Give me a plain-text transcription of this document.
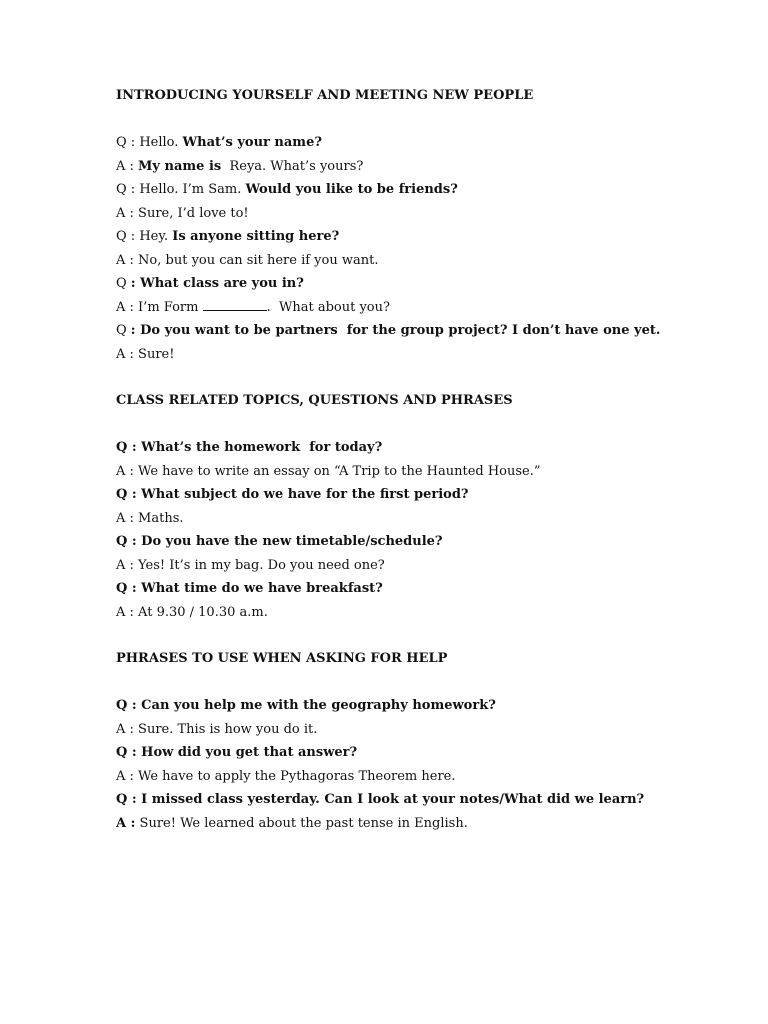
INTRODUCING YOURSELF AND MEETING NEW PEOPLE
Q : Hello. What’s your name?
A : My name is  Reya. What’s yours?
Q : Hello. I’m Sam. Would you like to be friends?
A : Sure, I’d love to!
Q : Hey. Is anyone sitting here?
A : No, but you can sit here if you want.
Q : What class are you in?
A : I’m Form	.  What about you?
Q : Do you want to be partners  for the group project? I don’t have one yet.
A : Sure!
CLASS RELATED TOPICS, QUESTIONS AND PHRASES
Q : What’s the homework  for today?
A : We have to write an essay on “A Trip to the Haunted House.”
Q : What subject do we have for the first period?
A : Maths.
Q : Do you have the new timetable/schedule?
A : Yes! It’s in my bag. Do you need one?
Q : What time do we have breakfast?
A : At 9.30 / 10.30 a.m.
PHRASES TO USE WHEN ASKING FOR HELP
Q : Can you help me with the geography homework?
A : Sure. This is how you do it.
Q : How did you get that answer?
A : We have to apply the Pythagoras Theorem here.
Q : I missed class yesterday. Can I look at your notes/What did we learn?
A : Sure! We learned about the past tense in English.
